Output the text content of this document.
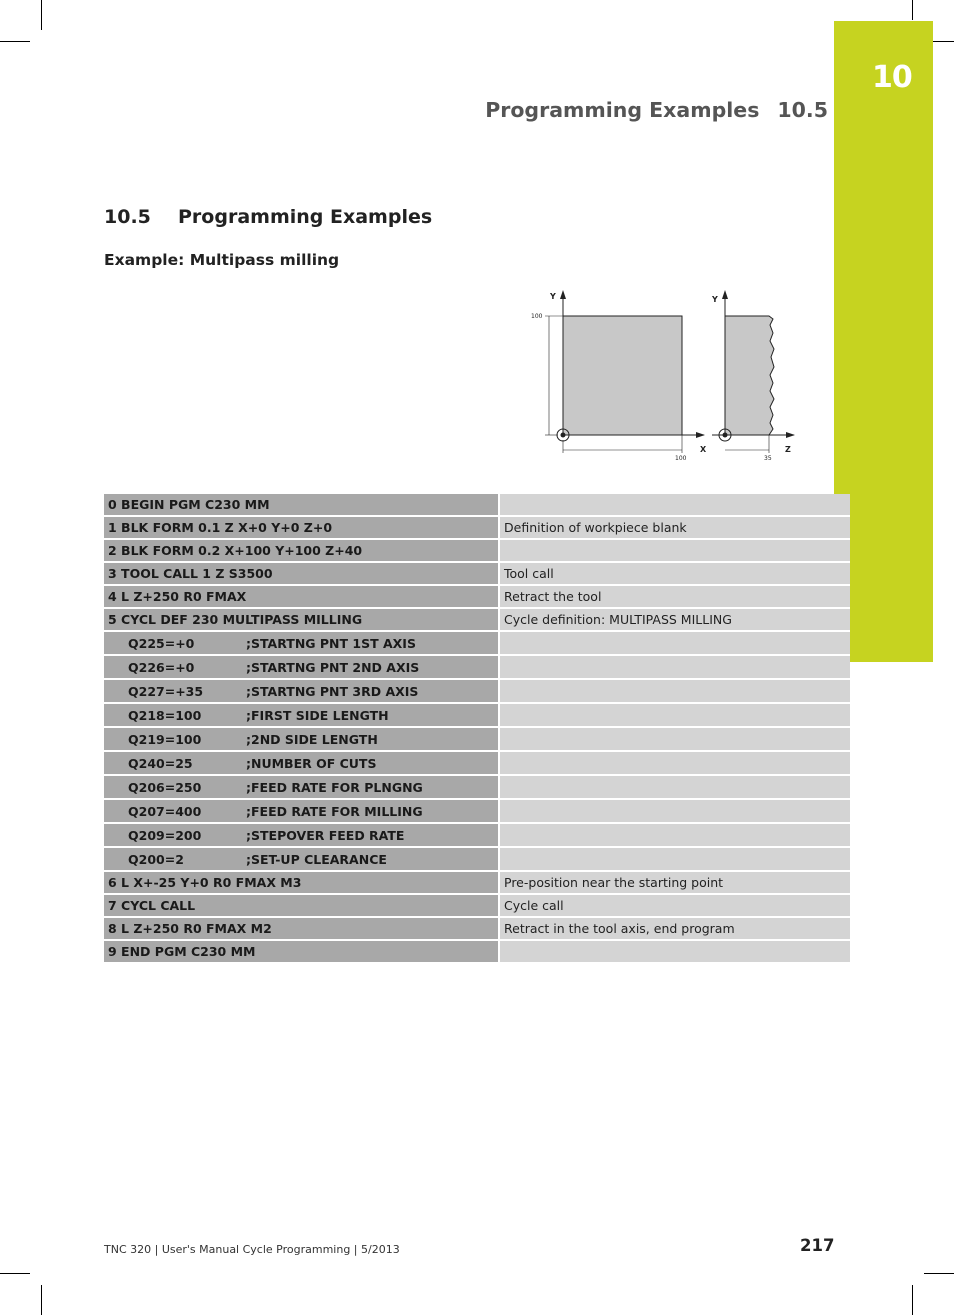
10
Programming Examples 10.5
10.5 Programming Examples
Example: Multipass milling
Y
X
100
100
Y
Z
35
0 BEGIN PGM C230 MM	
1 BLK FORM 0.1 Z X+0 Y+0 Z+0	Definition of workpiece blank
2 BLK FORM 0.2 X+100 Y+100 Z+40	
3 TOOL CALL 1 Z S3500	Tool call
4 L Z+250 R0 FMAX	Retract the tool
5 CYCL DEF 230 MULTIPASS MILLING	Cycle definition: MULTIPASS MILLING
Q225=+0 ;STARTNG PNT 1ST AXIS	
Q226=+0 ;STARTNG PNT 2ND AXIS	
Q227=+35 ;STARTNG PNT 3RD AXIS	
Q218=100 ;FIRST SIDE LENGTH	
Q219=100 ;2ND SIDE LENGTH	
Q240=25 ;NUMBER OF CUTS	
Q206=250 ;FEED RATE FOR PLNGNG	
Q207=400 ;FEED RATE FOR MILLING	
Q209=200 ;STEPOVER FEED RATE	
Q200=2 ;SET-UP CLEARANCE	
6 L X+-25 Y+0 R0 FMAX M3	Pre-position near the starting point
7 CYCL CALL	Cycle call
8 L Z+250 R0 FMAX M2	Retract in the tool axis, end program
9 END PGM C230 MM	
TNC 320 | User's Manual Cycle Programming | 5/2013	217
